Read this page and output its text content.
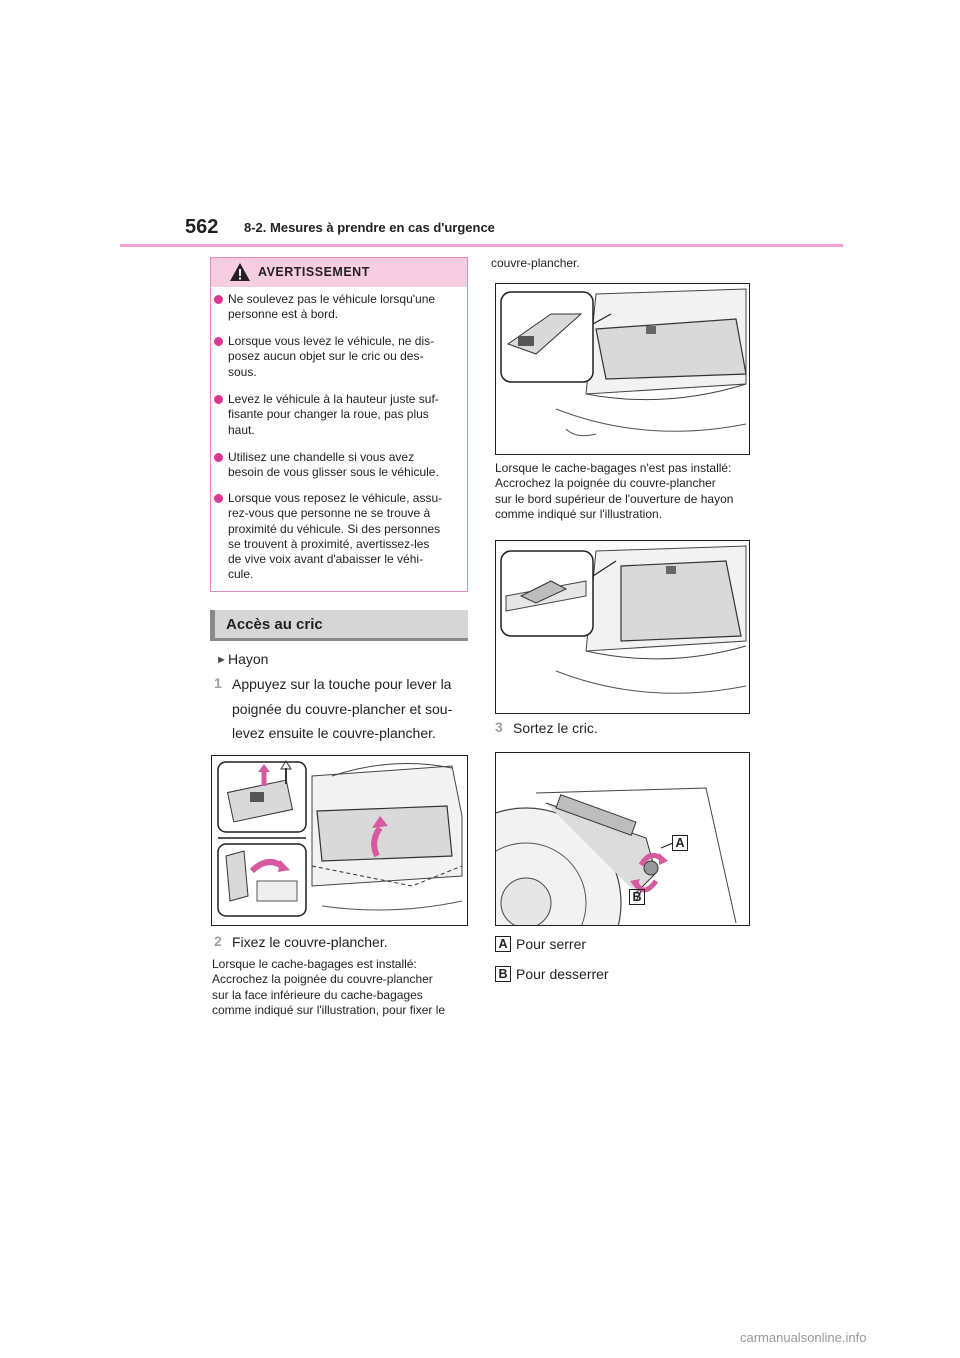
562 8-2. Mesures à prendre en cas d'urgence
AVERTISSEMENT
Ne soulevez pas le véhicule lorsqu'une
personne est à bord.
Lorsque vous levez le véhicule, ne dis-
posez aucun objet sur le cric ou des-
sous.
Levez le véhicule à la hauteur juste suf-
fisante pour changer la roue, pas plus
haut.
Utilisez une chandelle si vous avez
besoin de vous glisser sous le véhicule.
Lorsque vous reposez le véhicule, assu-
rez-vous que personne ne se trouve à
proximité du véhicule. Si des personnes
se trouvent à proximité, avertissez-les
de vive voix avant d'abaisser le véhi-
cule.
Accès au cric
► Hayon
1 Appuyez sur la touche pour lever la
poignée du couvre-plancher et sou-
levez ensuite le couvre-plancher.
2 Fixez le couvre-plancher.
Lorsque le cache-bagages est installé:
Accrochez la poignée du couvre-plancher
sur la face inférieure du cache-bagages
comme indiqué sur l'illustration, pour fixer le
couvre-plancher.
Lorsque le cache-bagages n'est pas installé:
Accrochez la poignée du couvre-plancher
sur le bord supérieur de l'ouverture de hayon
comme indiqué sur l'illustration.
3 Sortez le cric.
A
B
A Pour serrer
B Pour desserrer
carmanualsonline.info
